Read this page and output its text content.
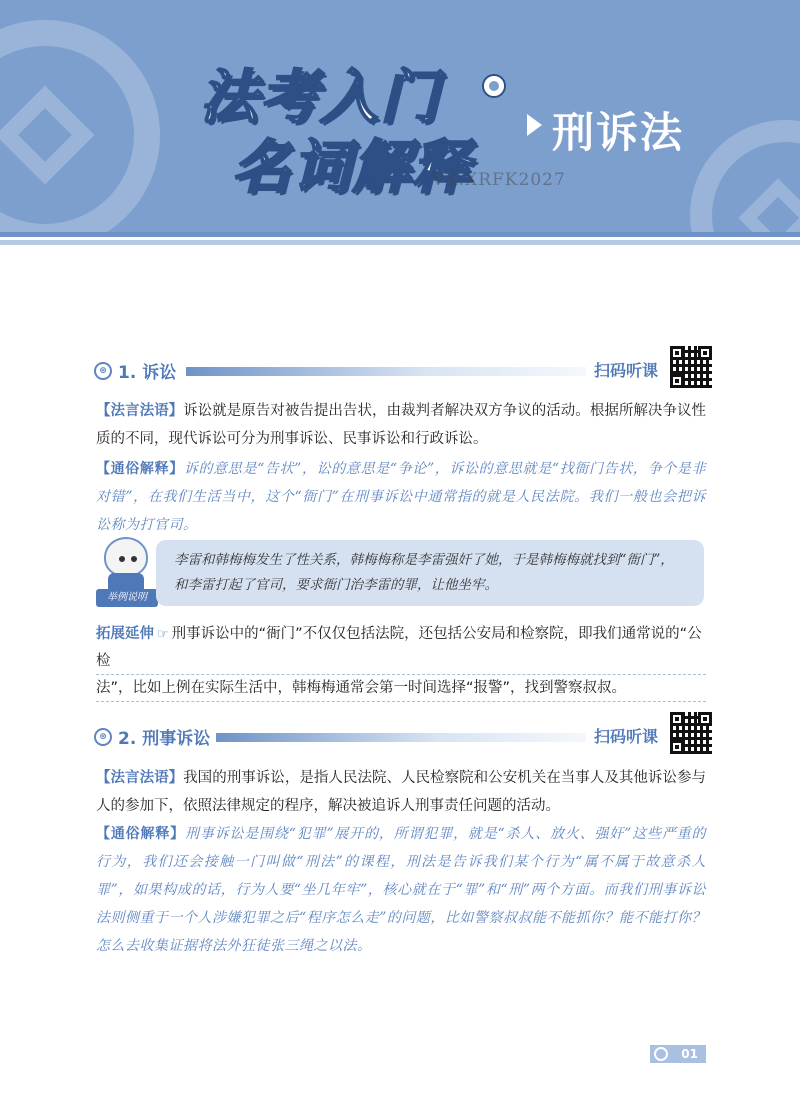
法考入门
名词解释
刑诉法
VX:XRFK2027
⊛ 1. 诉讼	扫码听课
【法言法语】诉讼就是原告对被告提出告状，由裁判者解决双方争议的活动。根据所解决争议性质的不同，现代诉讼可分为刑事诉讼、民事诉讼和行政诉讼。
【通俗解释】诉的意思是“告状”，讼的意思是“争论”，诉讼的意思就是“找衙门告状，争个是非对错”，在我们生活当中，这个“衙门”在刑事诉讼中通常指的就是人民法院。我们一般也会把诉讼称为打官司。
举例说明
李雷和韩梅梅发生了性关系，韩梅梅称是李雷强奸了她，于是韩梅梅就找到“衙门”，和李雷打起了官司，要求衙门治李雷的罪，让他坐牢。
拓展延伸 ☞ 刑事诉讼中的“衙门”不仅仅包括法院，还包括公安局和检察院，即我们通常说的“公检
法”，比如上例在实际生活中，韩梅梅通常会第一时间选择“报警”，找到警察叔叔。
⊛ 2. 刑事诉讼	扫码听课
【法言法语】我国的刑事诉讼，是指人民法院、人民检察院和公安机关在当事人及其他诉讼参与人的参加下，依照法律规定的程序，解决被追诉人刑事责任问题的活动。
【通俗解释】刑事诉讼是围绕“犯罪”展开的，所谓犯罪，就是“杀人、放火、强奸”这些严重的行为，我们还会接触一门叫做“刑法”的课程，刑法是告诉我们某个行为“属不属于故意杀人罪”，如果构成的话，行为人要“坐几年牢”，核心就在于“罪”和“刑”两个方面。而我们刑事诉讼法则侧重于一个人涉嫌犯罪之后“程序怎么走”的问题，比如警察叔叔能不能抓你？能不能打你？怎么去收集证据将法外狂徒张三绳之以法。
01
